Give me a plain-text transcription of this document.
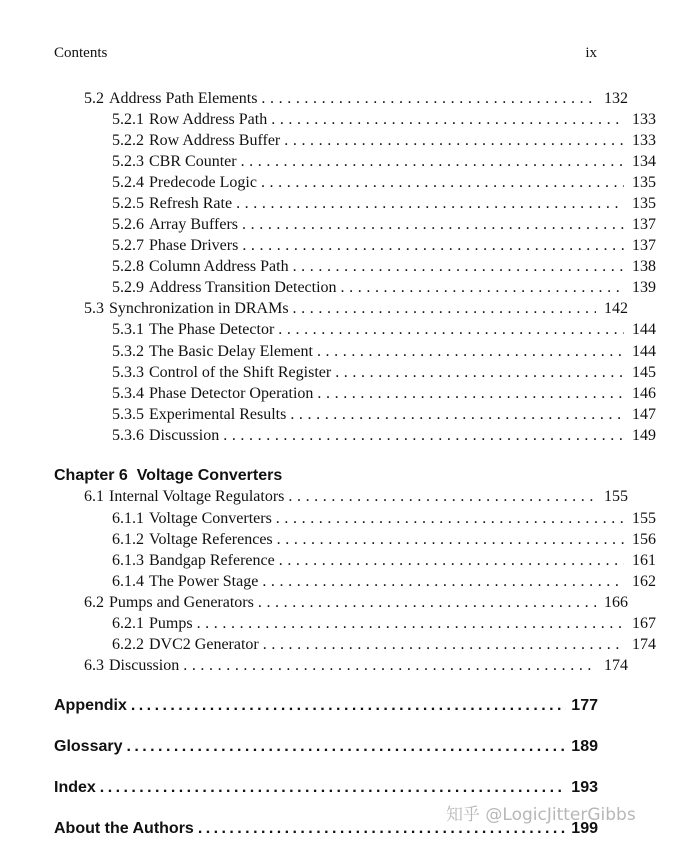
Contents	ix
5.2 Address Path Elements . . .	132
5.2.1 Row Address Path . . .	133
5.2.2 Row Address Buffer . . .	133
5.2.3 CBR Counter . . .	134
5.2.4 Predecode Logic . . .	135
5.2.5 Refresh Rate . . .	135
5.2.6 Array Buffers . . .	137
5.2.7 Phase Drivers . . .	137
5.2.8 Column Address Path . . .	138
5.2.9 Address Transition Detection . . .	139
5.3 Synchronization in DRAMs . . .	142
5.3.1 The Phase Detector . . .	144
5.3.2 The Basic Delay Element . . .	144
5.3.3 Control of the Shift Register . . .	145
5.3.4 Phase Detector Operation . . .	146
5.3.5 Experimental Results . . .	147
5.3.6 Discussion . . .	149
Chapter 6 Voltage Converters
6.1 Internal Voltage Regulators . . .	155
6.1.1 Voltage Converters . . .	155
6.1.2 Voltage References . . .	156
6.1.3 Bandgap Reference . . .	161
6.1.4 The Power Stage . . .	162
6.2 Pumps and Generators . . .	166
6.2.1 Pumps . . .	167
6.2.2 DVC2 Generator . . .	174
6.3 Discussion . . .	174
Appendix . . .	177
Glossary . . .	189
Index . . .	193
About the Authors . . .	199
知乎 @LogicJitterGibbs
